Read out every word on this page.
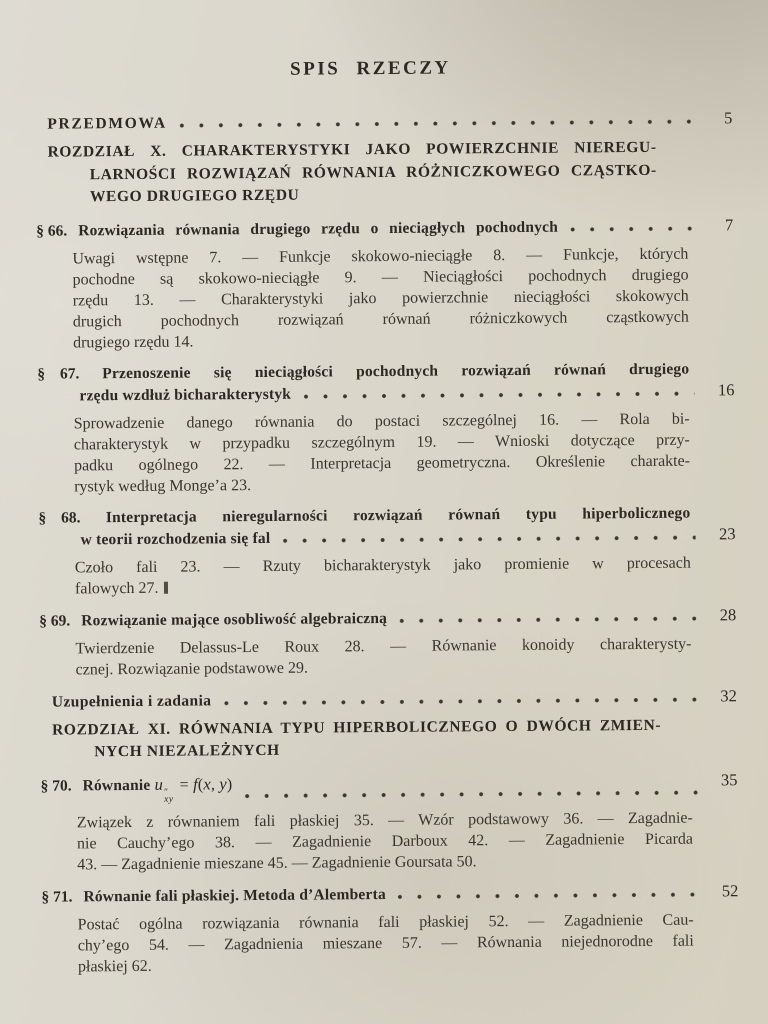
SPIS RZECZY
PRZEDMOWA	5
ROZDZIAŁ X. CHARAKTERYSTYKI JAKO POWIERZCHNIE NIEREGU-
LARNOŚCI ROZWIĄZAŃ RÓWNANIA RÓŻNICZKOWEGO CZĄSTKO-
WEGO DRUGIEGO RZĘDU
§ 66. Rozwiązania równania drugiego rzędu o nieciągłych pochodnych	7
Uwagi wstępne 7. — Funkcje skokowo-nieciągłe 8. — Funkcje, których
pochodne są skokowo-nieciągłe 9. — Nieciągłości pochodnych drugiego
rzędu 13. — Charakterystyki jako powierzchnie nieciągłości skokowych
drugich pochodnych rozwiązań równań różniczkowych cząstkowych
drugiego rzędu 14.
§ 67. Przenoszenie się nieciągłości pochodnych rozwiązań równań drugiego
rzędu wzdłuż bicharakterystyk	16
Sprowadzenie danego równania do postaci szczególnej 16. — Rola bi-
charakterystyk w przypadku szczególnym 19. — Wnioski dotyczące przy-
padku ogólnego 22. — Interpretacja geometryczna. Określenie charakte-
rystyk według Monge’a 23.
§ 68. Interpretacja nieregularności rozwiązań równań typu hiperbolicznego
w teorii rozchodzenia się fal	23
Czoło fali 23. — Rzuty bicharakterystyk jako promienie w procesach
falowych 27.
§ 69. Rozwiązanie mające osobliwość algebraiczną	28
Twierdzenie Delassus-Le Roux 28. — Równanie konoidy charakterysty-
cznej. Rozwiązanie podstawowe 29.
Uzupełnienia i zadania	32
ROZDZIAŁ XI. RÓWNANIA TYPU HIPERBOLICZNEGO O DWÓCH ZMIEN-
NYCH NIEZALEŻNYCH
§ 70. Równanie u ″
xy
= f(x, y)	35
Związek z równaniem fali płaskiej 35. — Wzór podstawowy 36. — Zagadnie-
nie Cauchy’ego 38. — Zagadnienie Darboux 42. — Zagadnienie Picarda
43. — Zagadnienie mieszane 45. — Zagadnienie Goursata 50.
§ 71. Równanie fali płaskiej. Metoda d’Alemberta	52
Postać ogólna rozwiązania równania fali płaskiej 52. — Zagadnienie Cau-
chy’ego 54. — Zagadnienia mieszane 57. — Równania niejednorodne fali
płaskiej 62.
